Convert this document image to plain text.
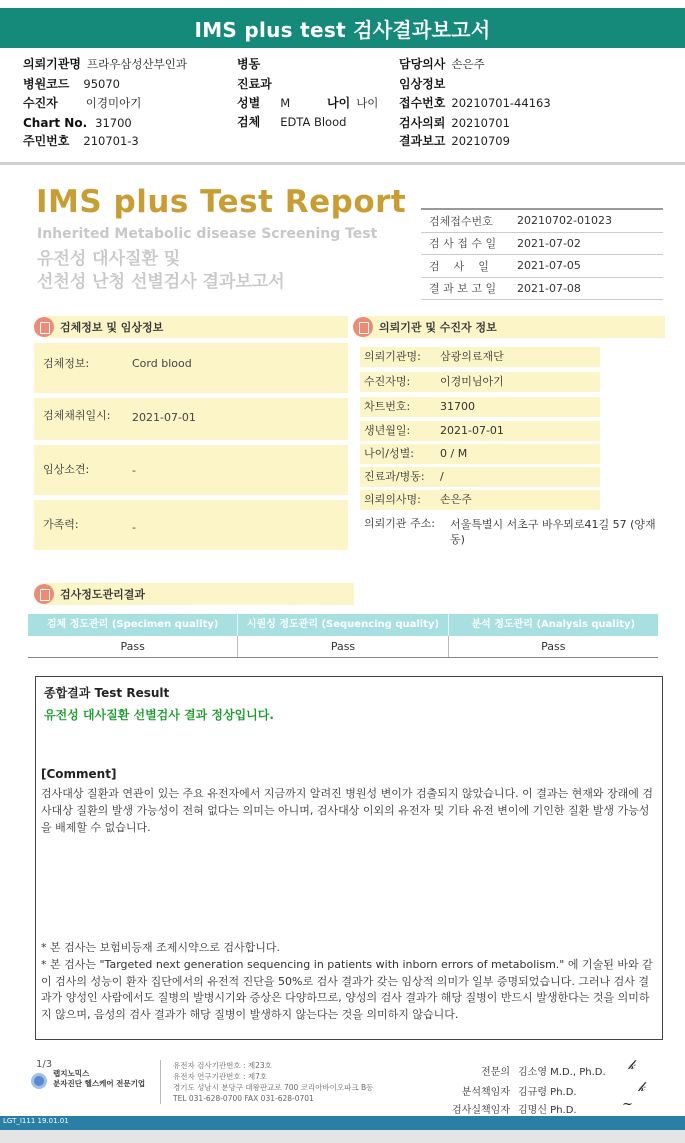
IMS plus test 검사결과보고서
의뢰기관명 프라우삼성산부인과
병원코드 95070
수진자 이경미아기
Chart No. 31700
주민번호 210701-3
병동
진료과
성별 M	나이 나이
검체 EDTA Blood
담당의사 손은주
임상정보
접수번호 20210701-44163
검사의뢰 20210701
결과보고 20210709
IMS plus Test Report
Inherited Metabolic disease Screening Test
유전성 대사질환 및
선천성 난청 선별검사 결과보고서
검체접수번호	20210702-01023
검 사 접 수 일	2021-07-02
검    사    일	2021-07-05
결 과 보 고 일	2021-07-08
검체정보 및 임상정보
검체정보:	Cord blood
검체채취일시: 2021-07-01
임상소견:	-
가족력:	-
의뢰기관 및 수진자 정보
의뢰기관명:	삼광의료재단
수진자명:	이경미님아기
차트번호:	31700
생년월일:	2021-07-01
나이/성별:	0 / M
진료과/병동:	/
의뢰의사명:	손은주
의뢰기관 주소:	서울특별시 서초구 바우뫼로41길 57 (양재동)
검사정도관리결과
검체 정도관리 (Specimen quality)	시퀀싱 정도관리 (Sequencing quality)	분석 정도관리 (Analysis quality)
Pass	Pass	Pass
종합결과 Test Result
유전성 대사질환 선별검사 결과 정상입니다.
[Comment]
검사대상 질환과 연관이 있는 주요 유전자에서 지금까지 알려진 병원성 변이가 검출되지 않았습니다. 이 결과는 현재와 장래에 검사대상 질환의 발생 가능성이 전혀 없다는 의미는 아니며, 검사대상 이외의 유전자 및 기타 유전 변이에 기인한 질환 발생 가능성을 배제할 수 없습니다.
* 본 검사는 보험비등재 조제시약으로 검사합니다.
* 본 검사는 "Targeted next generation sequencing in patients with inborn errors of metabolism." 에 기술된 바와 같이 검사의 성능이 환자 집단에서의 유전적 진단을 50%로 검사 결과가 갖는 임상적 의미가 일부 증명되었습니다. 그러나 검사 결과가 양성인 사람에서도 질병의 발병시기와 증상은 다양하므로, 양성의 검사 결과가 해당 질병이 반드시 발생한다는 것을 의미하지 않으며, 음성의 검사 결과가 해당 질병이 발생하지 않는다는 것을 의미하지 않습니다.
1/3
랩지노믹스
분자진단 헬스케어 전문기업
유전자 검사기관번호 : 제23호
유전자 연구기관번호 : 제7호
경기도 성남시 분당구 대왕판교로 700 코리아바이오파크 B동
TEL 031-628-0700 FAX 031-628-0701
전문의 김소영 M.D., Ph.D.
분석책임자 김규령 Ph.D.
검사실책임자 김명신 Ph.D.
𝓀
𝓀
~
LGT_I111 19.01.01
